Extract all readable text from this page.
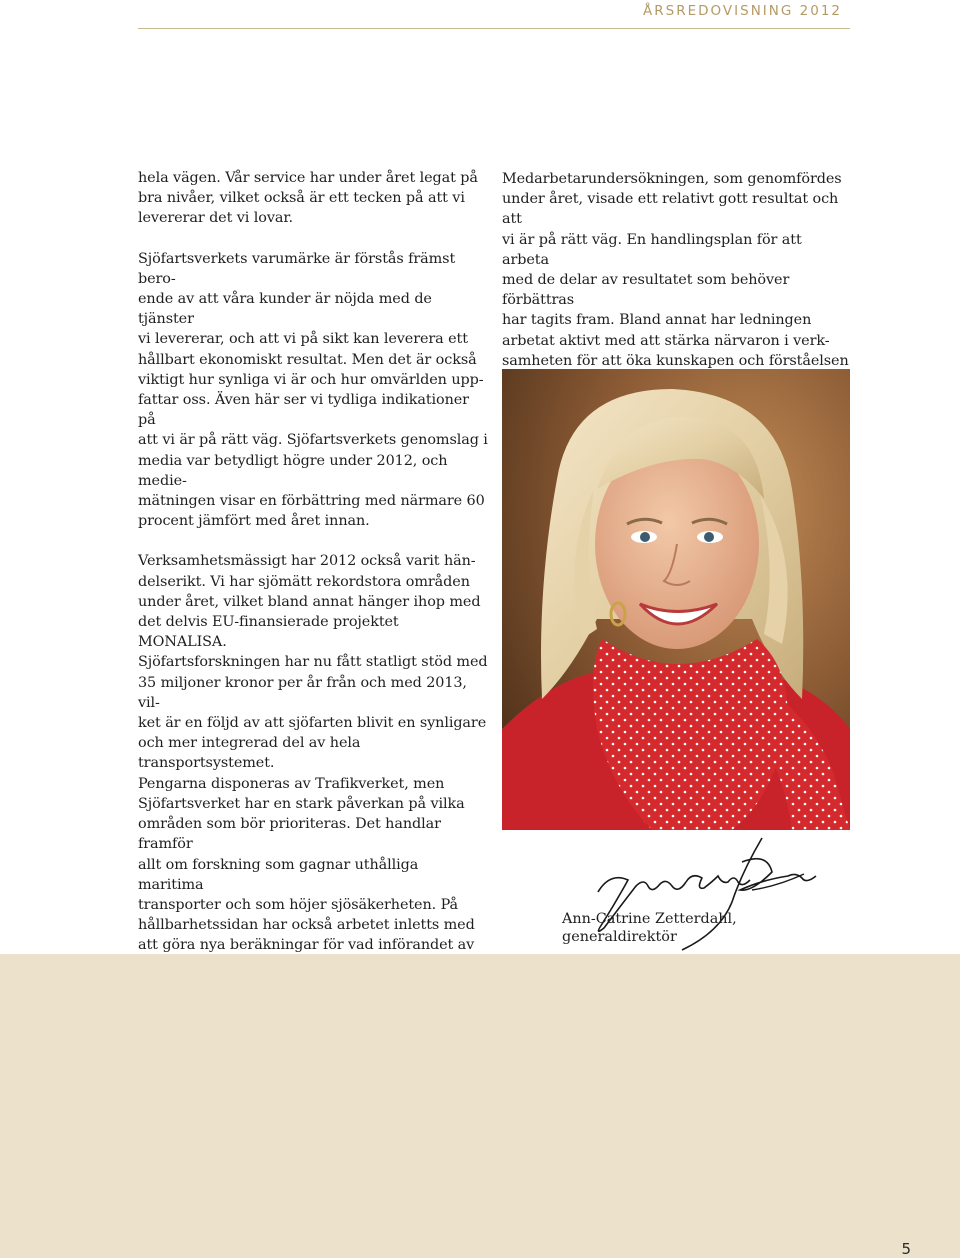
ÅRSREDOVISNING 2012

hela vägen. Vår service har under året legat på
bra nivåer, vilket också är ett tecken på att vi
levererar det vi lovar.

Sjöfartsverkets varumärke är förstås främst bero-
ende av att våra kunder är nöjda med de tjänster
vi levererar, och att vi på sikt kan leverera ett
hållbart ekonomiskt resultat. Men det är också
viktigt hur synliga vi är och hur omvärlden upp-
fattar oss. Även här ser vi tydliga indikationer på
att vi är på rätt väg. Sjöfartsverkets genomslag i
media var betydligt högre under 2012, och medie-
mätningen visar en förbättring med närmare 60
procent jämfört med året innan.

Verksamhetsmässigt har 2012 också varit hän-
delserikt. Vi har sjömätt rekordstora områden
under året, vilket bland annat hänger ihop med
det delvis EU-finansierade projektet MONALISA.
Sjöfartsforskningen har nu fått statligt stöd med
35 miljoner kronor per år från och med 2013, vil-
ket är en följd av att sjöfarten blivit en synligare
och mer integrerad del av hela transportsystemet.
Pengarna disponeras av Trafikverket, men
Sjöfartsverket har en stark påverkan på vilka
områden som bör prioriteras. Det handlar framför
allt om forskning som gagnar uthålliga maritima
transporter och som höjer sjösäkerheten. På
hållbarhetssidan har också arbetet inletts med
att göra nya beräkningar för vad införandet av

Medarbetarundersökningen, som genomfördes
under året, visade ett relativt gott resultat och att
vi är på rätt väg. En handlingsplan för att arbeta
med de delar av resultatet som behöver förbättras
har tagits fram. Bland annat har ledningen
arbetat aktivt med att stärka närvaron i verk-
samheten för att öka kunskapen och förståelsen

Ann-Catrine Zetterdahl, generaldirektör
5
